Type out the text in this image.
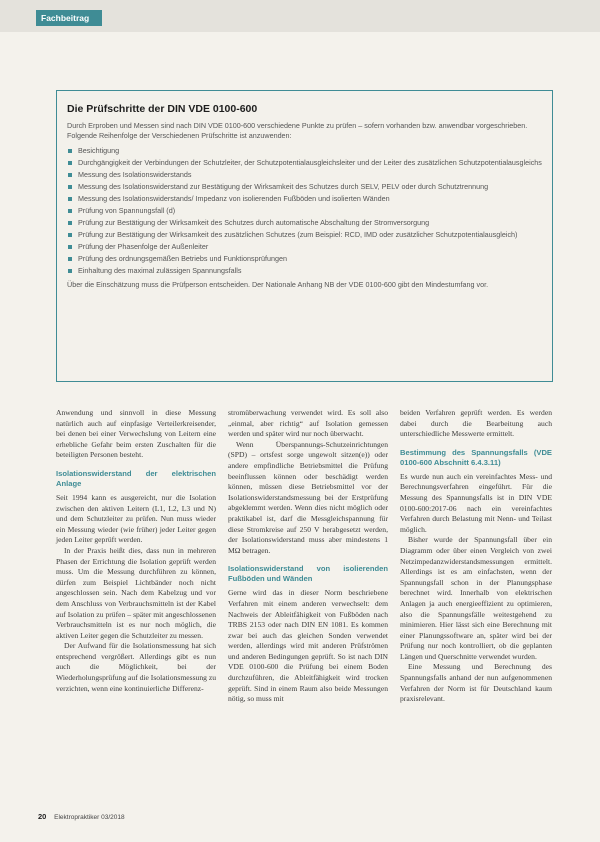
Fachbeitrag
Die Prüfschritte der DIN VDE 0100-600
Durch Erproben und Messen sind nach DIN VDE 0100-600 verschiedene Punkte zu prüfen – sofern vorhanden bzw. anwendbar vorgeschrieben. Folgende Reihenfolge der Verschiedenen Prüfschritte ist anzuwenden:
Besichtigung
Durchgängigkeit der Verbindungen der Schutzleiter, der Schutzpotentialausgleichsleiter und der Leiter des zusätzlichen Schutzpotentialausgleichs
Messung des Isolationswiderstands
Messung des Isolationswiderstand zur Bestätigung der Wirksamkeit des Schutzes durch SELV, PELV oder durch Schutztrennung
Messung des Isolationswiderstands/ Impedanz von isolierenden Fußböden und isolierten Wänden
Prüfung von Spannungsfall (d)
Prüfung zur Bestätigung der Wirksamkeit des Schutzes durch automatische Abschaltung der Stromversorgung
Prüfung zur Bestätigung der Wirksamkeit des zusätzlichen Schutzes (zum Beispiel: RCD, IMD oder zusätzlicher Schutzpotentialausgleich)
Prüfung der Phasenfolge der Außenleiter
Prüfung des ordnungsgemäßen Betriebs und Funktionsprüfungen
Einhaltung des maximal zulässigen Spannungsfalls
Über die Einschätzung muss die Prüfperson entscheiden. Der Nationale Anhang NB der VDE 0100-600 gibt den Mindestumfang vor.

Anwendung und sinnvoll in diese Messung natürlich auch auf einpfasige Verteilerkreisender, bei denen bei einer Verwechslung von Leitern eine erhebliche Gefahr beim ersten Zuschalten für die beteiligten Personen besteht.

Isolationswiderstand der elektrischen Anlage

Seit 1994 kann es ausgereicht, nur die Isolation zwischen den aktiven Leitern (L1, L2, L3 und N) und dem Schutzleiter zu prüfen. Nun muss wieder ein Messung wieder (wie früher) jeder Leiter gegen jeden Leiter geprüft werden.

In der Praxis heißt dies, dass nun in mehreren Phasen der Errichtung die Isolation geprüft werden muss. Um die Messung durchführen zu können, dürfen zum Beispiel Lichtbänder noch nicht angeschlossen sein. Nach dem Kabelzug und vor dem Anschluss von Verbrauchsmitteln ist der Kabel auf Isolation zu prüfen – später mit angeschlossenen Verbrauchsmitteln ist es nur noch möglich, die aktiven Leiter gegen die Schutzleiter zu messen.

Der Aufwand für die Isolationsmessung hat sich entsprechend vergrößert. Allerdings gibt es nun auch die Möglichkeit, bei der Wiederholungsprüfung auf die Isolationsmessung zu verzichten, wenn eine kontinuierliche Differenz-

stromüberwachung verwendet wird. Es soll also „einmal, aber richtig“ auf Isolation gemessen werden und später wird nur noch überwacht.

Wenn Überspannungs-Schutzeinrichtungen (SPD) – ortsfest sorge ungewolt sitzen(e)) oder andere empfindliche Betriebsmittel die Prüfung beeinflussen können oder beschädigt werden können, müssen diese Betriebsmittel vor der Isolationswiderstandsmessung bei der Erstprüfung abgeklemmt werden. Wenn dies nicht möglich oder praktikabel ist, darf die Messgleichspannung für diese Stromkreise auf 250 V herabgesetzt werden, der Isolationswiderstand muss aber mindestens 1 MΩ betragen.

Isolationswiderstand von isolierenden Fußböden und Wänden

Gerne wird das in dieser Norm beschriebene Verfahren mit einem anderen verwechselt: dem Nachweis der Ableitfähigkeit von Fußböden nach TRBS 2153 oder nach DIN EN 1081. Es kommen zwar bei auch das gleichen Sonden verwendet werden, allerdings wird mit anderen Prüfströmen und anderen Bedingungen geprüft. So ist nach DIN VDE 0100-600 die Prüfung bei einem Boden durchzuführen, die Ableitfähigkeit wird trocken geprüft. Sind in einem Raum also beide Messungen nötig, so muss mit

beiden Verfahren geprüft werden. Es werden dabei durch die Bearbeitung auch unterschiedliche Messwerte ermittelt.

Bestimmung des Spannungsfalls (VDE 0100-600 Abschnitt 6.4.3.11)

Es wurde nun auch ein vereinfachtes Mess- und Berechnungsverfahren eingeführt. Für die Messung des Spannungsfalls ist in DIN VDE 0100-600:2017-06 nach ein vereinfachtes Verfahren durch Belastung mit Nenn- und Teilast möglich.

Bisher wurde der Spannungsfall über ein Diagramm oder über einen Vergleich von zwei Netzimpedanzwiderstandsmessungen ermittelt. Allerdings ist es am einfachsten, wenn der Spannungsfall schon in der Planungsphase berechnet wird. Innerhalb von elektrischen Anlagen ja auch energieeffizient zu optimieren, also die Spannungsfälle weitestgehend zu minimieren. Hier lässt sich eine Berechnung mit einer Planungssoftware an, später wird bei der Prüfung nur noch kontrolliert, ob die geplanten Längen und Querschnitte verwendet wurden.

Eine Messung und Berechnung des Spannungsfalls anhand der nun aufgenommenen Verfahren der Norm ist für Deutschland kaum praxisrelevant.

20 Elektropraktiker 03/2018
